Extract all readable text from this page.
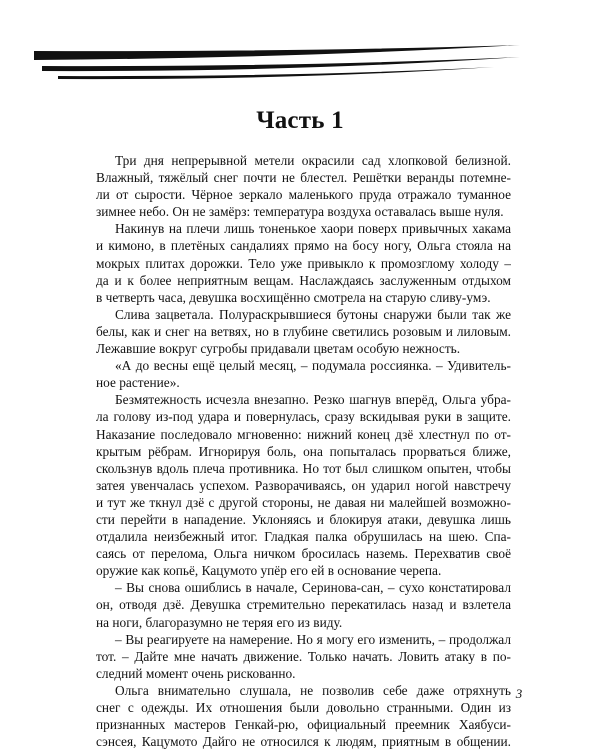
Часть 1
Три дня непрерывной метели окрасили сад хлопковой белизной.
Влажный, тяжёлый снег почти не блестел. Решётки веранды потемне-
ли от сырости. Чёрное зеркало маленького пруда отражало туманное
зимнее небо. Он не замёрз: температура воздуха оставалась выше нуля.
Накинув на плечи лишь тоненькое хаори поверх привычных хакама
и кимоно, в плетёных сандалиях прямо на босу ногу, Ольга стояла на
мокрых плитах дорожки. Тело уже привыкло к промозглому холоду –
да и к более неприятным вещам. Наслаждаясь заслуженным отдыхом
в четверть часа, девушка восхищённо смотрела на старую сливу-умэ.
Слива зацветала. Полураскрывшиеся бутоны снаружи были так же
белы, как и снег на ветвях, но в глубине светились розовым и лиловым.
Лежавшие вокруг сугробы придавали цветам особую нежность.
«А до весны ещё целый месяц, – подумала россиянка. – Удивитель-
ное растение».
Безмятежность исчезла внезапно. Резко шагнув вперёд, Ольга убра-
ла голову из-под удара и повернулась, сразу вскидывая руки в защите.
Наказание последовало мгновенно: нижний конец дзё хлестнул по от-
крытым рёбрам. Игнорируя боль, она попыталась прорваться ближе,
скользнув вдоль плеча противника. Но тот был слишком опытен, чтобы
затея увенчалась успехом. Разворачиваясь, он ударил ногой навстречу
и тут же ткнул дзё с другой стороны, не давая ни малейшей возможно-
сти перейти в нападение. Уклоняясь и блокируя атаки, девушка лишь
отдалила неизбежный итог. Гладкая палка обрушилась на шею. Спа-
саясь от перелома, Ольга ничком бросилась наземь. Перехватив своё
оружие как копьё, Кацумото упёр его ей в основание черепа.
– Вы снова ошиблись в начале, Серинова-сан, – сухо констатировал
он, отводя дзё. Девушка стремительно перекатилась назад и взлетела
на ноги, благоразумно не теряя его из виду.
– Вы реагируете на намерение. Но я могу его изменить, – продолжал
тот. – Дайте мне начать движение. Только начать. Ловить атаку в по-
следний момент очень рискованно.
Ольга внимательно слушала, не позволив себе даже отряхнуть
снег с одежды. Их отношения были довольно странными. Один из
признанных мастеров Генкай-рю, официальный преемник Хаябуси-
сэнсея, Кацумото Дайго не относился к людям, приятным в общении.
3
